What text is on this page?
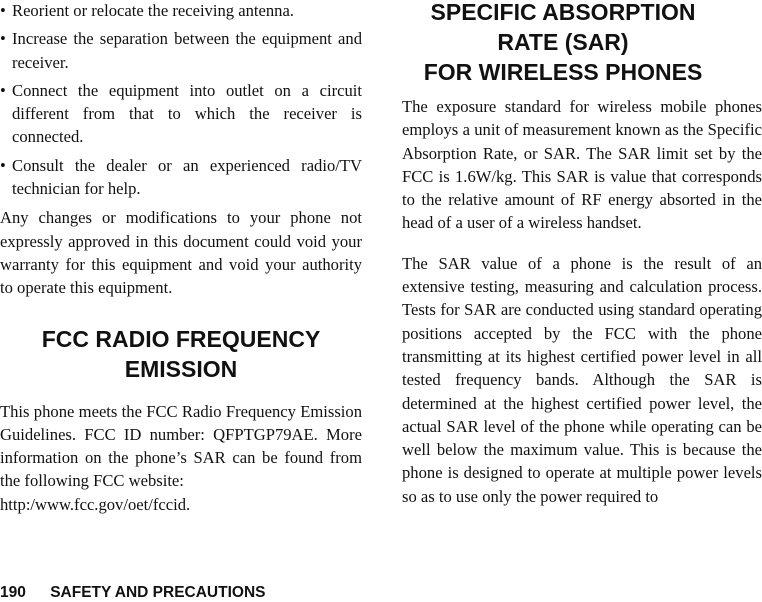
• Reorient or relocate the receiving antenna.
• Increase the separation between the equipment and receiver.
• Connect the equipment into outlet on a circuit different from that to which the receiver is connected.
• Consult the dealer or an experienced radio/TV technician for help.

Any changes or modifications to your phone not expressly approved in this document could void your warranty for this equipment and void your authority to operate this equipment.

FCC RADIO FREQUENCY
EMISSION

This phone meets the FCC Radio Frequency Emission Guidelines. FCC ID number: QFPTGP79AE. More information on the phone’s SAR can be found from the following FCC website:

http:/www.fcc.gov/oet/fccid.

SPECIFIC ABSORPTION
RATE (SAR)
FOR WIRELESS PHONES

The exposure standard for wireless mobile phones employs a unit of measurement known as the Specific Absorption Rate, or SAR. The SAR limit set by the FCC is 1.6W/kg. This SAR is value that corresponds to the relative amount of RF energy absorted in the head of a user of a wireless handset.

The SAR value of a phone is the result of an extensive testing, measuring and calculation process. Tests for SAR are conducted using standard operating positions accepted by the FCC with the phone transmitting at its highest certified power level in all tested frequency bands. Although the SAR is determined at the highest certified power level, the actual SAR level of the phone while operating can be well below the maximum value. This is because the phone is designed to operate at multiple power levels so as to use only the power required to

190 SAFETY AND PRECAUTIONS
